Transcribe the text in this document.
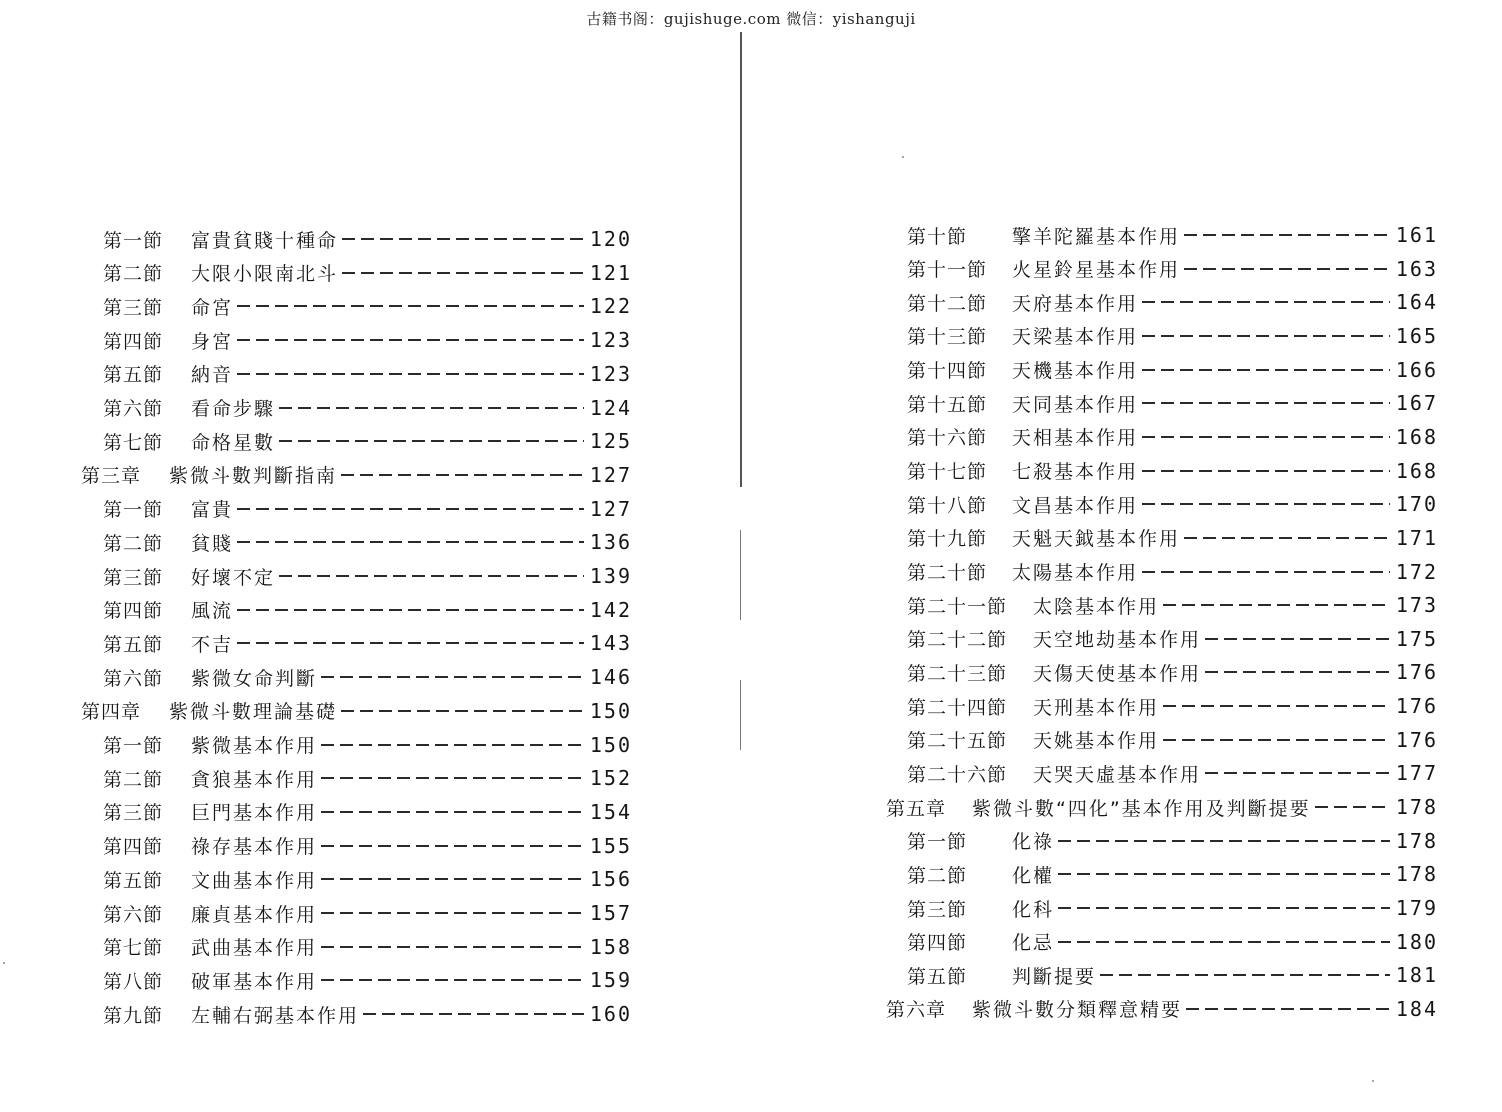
古籍书阁：gujishuge.com 微信：yishanguji
第一節	富貴貧賤十種命	120
第二節	大限小限南北斗	121
第三節	命宮	122
第四節	身宮	123
第五節	納音	123
第六節	看命步驟	124
第七節	命格星數	125
第三章	紫微斗數判斷指南	127
第一節	富貴	127
第二節	貧賤	136
第三節	好壞不定	139
第四節	風流	142
第五節	不吉	143
第六節	紫微女命判斷	146
第四章	紫微斗數理論基礎	150
第一節	紫微基本作用	150
第二節	貪狼基本作用	152
第三節	巨門基本作用	154
第四節	祿存基本作用	155
第五節	文曲基本作用	156
第六節	廉貞基本作用	157
第七節	武曲基本作用	158
第八節	破軍基本作用	159
第九節	左輔右弼基本作用	160
第十節	擎羊陀羅基本作用	161
第十一節	火星鈴星基本作用	163
第十二節	天府基本作用	164
第十三節	天梁基本作用	165
第十四節	天機基本作用	166
第十五節	天同基本作用	167
第十六節	天相基本作用	168
第十七節	七殺基本作用	168
第十八節	文昌基本作用	170
第十九節	天魁天鉞基本作用	171
第二十節	太陽基本作用	172
第二十一節	太陰基本作用	173
第二十二節	天空地劫基本作用	175
第二十三節	天傷天使基本作用	176
第二十四節	天刑基本作用	176
第二十五節	天姚基本作用	176
第二十六節	天哭天虛基本作用	177
第五章	紫微斗數“四化”基本作用及判斷提要	178
第一節	化祿	178
第二節	化權	178
第三節	化科	179
第四節	化忌	180
第五節	判斷提要	181
第六章	紫微斗數分類釋意精要	184
